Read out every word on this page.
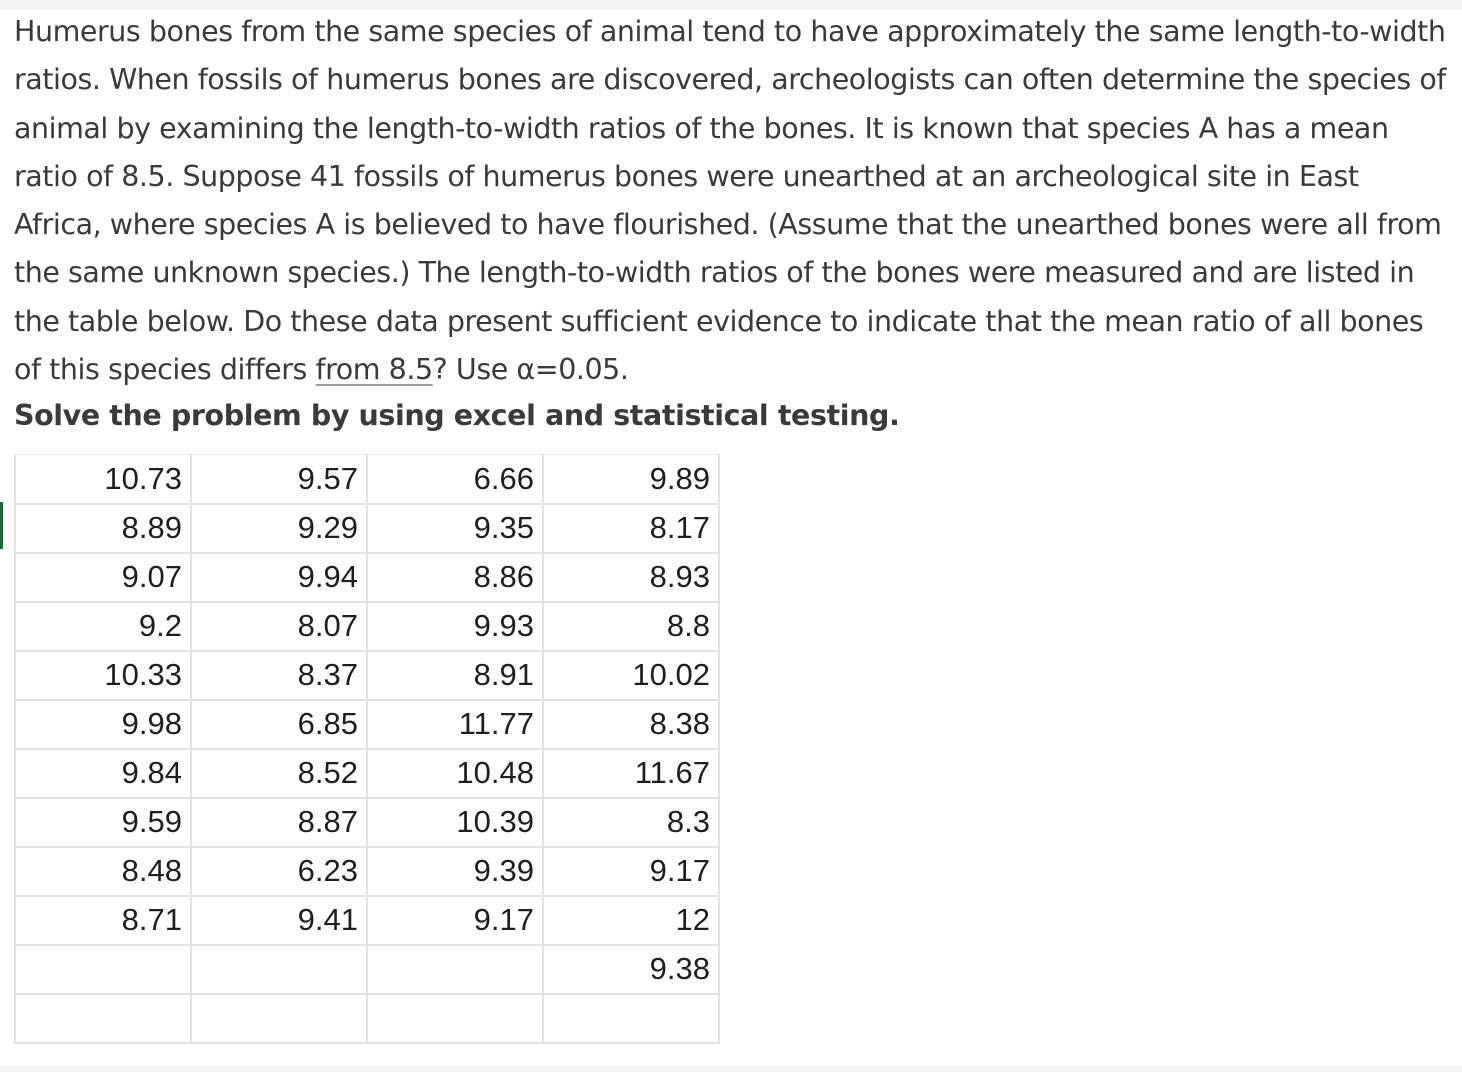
Humerus bones from the same species of animal tend to have approximately the same length-to-width ratios. When fossils of humerus bones are discovered, archeologists can often determine the species of animal by examining the length-to-width ratios of the bones. It is known that species A has a mean ratio of 8.5. Suppose 41 fossils of humerus bones were unearthed at an archeological site in East Africa, where species A is believed to have flourished. (Assume that the unearthed bones were all from the same unknown species.) The length-to-width ratios of the bones were measured and are listed in the table below. Do these data present sufficient evidence to indicate that the mean ratio of all bones of this species differs from 8.5? Use α=0.05.
Solve the problem by using excel and statistical testing.
10.73	9.57	6.66	9.89
8.89	9.29	9.35	8.17
9.07	9.94	8.86	8.93
9.2	8.07	9.93	8.8
10.33	8.37	8.91	10.02
9.98	6.85	11.77	8.38
9.84	8.52	10.48	11.67
9.59	8.87	10.39	8.3
8.48	6.23	9.39	9.17
8.71	9.41	9.17	12
			9.38
